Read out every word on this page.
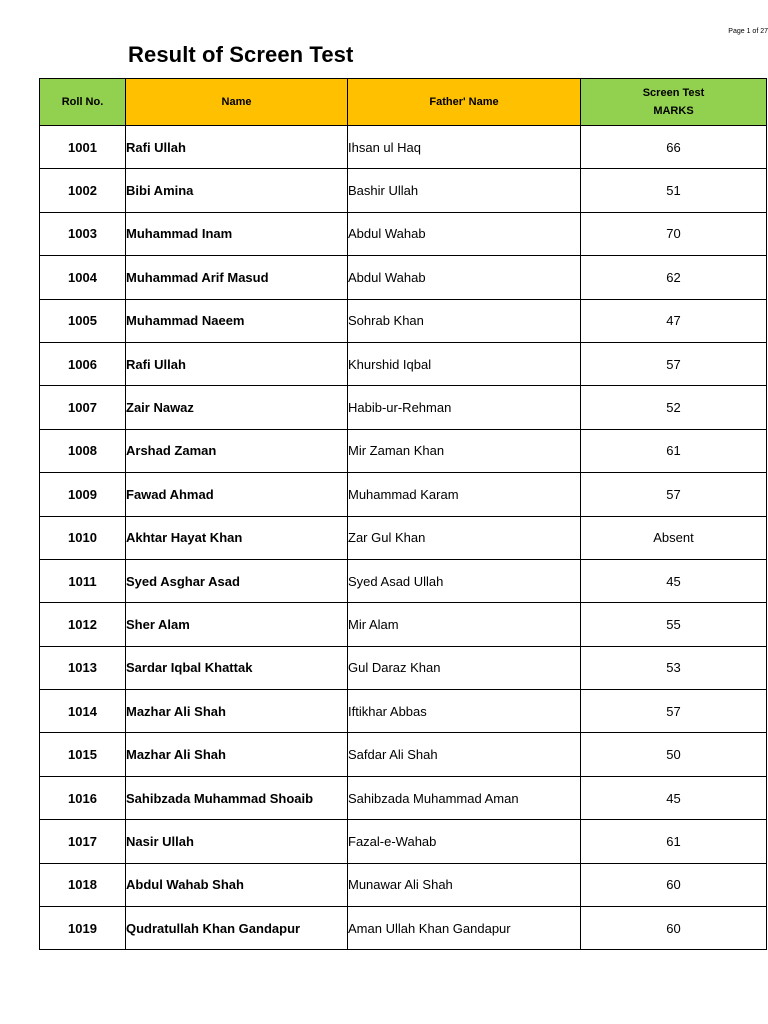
Page 1 of 27
Result of Screen Test
Roll No.	Name	Father' Name	Screen Test
MARKS

1001	Rafi Ullah	Ihsan ul Haq	66
1002	Bibi Amina	Bashir Ullah	51
1003	Muhammad Inam	Abdul Wahab	70
1004	Muhammad Arif Masud	Abdul Wahab	62
1005	Muhammad Naeem	Sohrab Khan	47
1006	Rafi Ullah	Khurshid Iqbal	57
1007	Zair Nawaz	Habib-ur-Rehman	52
1008	Arshad Zaman	Mir Zaman Khan	61
1009	Fawad Ahmad	Muhammad Karam	57
1010	Akhtar Hayat Khan	Zar Gul Khan	Absent
1011	Syed Asghar Asad	Syed Asad Ullah	45
1012	Sher Alam	Mir Alam	55
1013	Sardar Iqbal Khattak	Gul Daraz Khan	53
1014	Mazhar Ali Shah	Iftikhar Abbas	57
1015	Mazhar Ali Shah	Safdar Ali Shah	50
1016	Sahibzada Muhammad Shoaib	Sahibzada Muhammad Aman	45
1017	Nasir Ullah	Fazal-e-Wahab	61
1018	Abdul Wahab Shah	Munawar Ali Shah	60
1019	Qudratullah Khan Gandapur	Aman Ullah Khan Gandapur	60
